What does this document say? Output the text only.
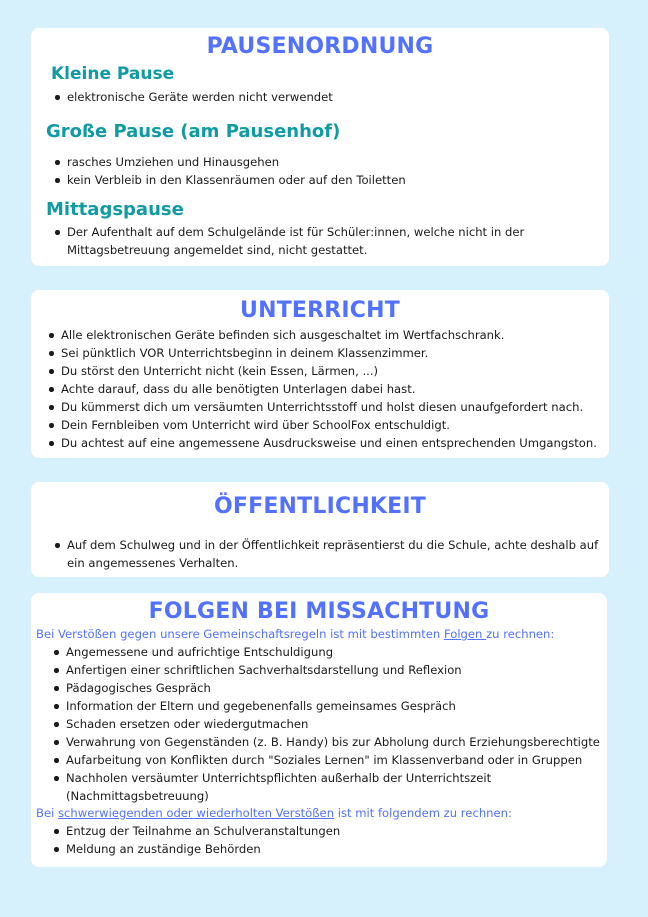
PAUSENORDNUNG
Kleine Pause
elektronische Geräte werden nicht verwendet
Große Pause (am Pausenhof)
rasches Umziehen und Hinausgehen
kein Verbleib in den Klassenräumen oder auf den Toiletten
Mittagspause
Der Aufenthalt auf dem Schulgelände ist für Schüler:innen, welche nicht in der Mittagsbetreuung angemeldet sind, nicht gestattet.
UNTERRICHT
Alle elektronischen Geräte befinden sich ausgeschaltet im Wertfachschrank.
Sei pünktlich VOR Unterrichtsbeginn in deinem Klassenzimmer.
Du störst den Unterricht nicht (kein Essen, Lärmen, ...)
Achte darauf, dass du alle benötigten Unterlagen dabei hast.
Du kümmerst dich um versäumten Unterrichtsstoff und holst diesen unaufgefordert nach.
Dein Fernbleiben vom Unterricht wird über SchoolFox entschuldigt.
Du achtest auf eine angemessene Ausdrucksweise und einen entsprechenden Umgangston.
ÖFFENTLICHKEIT
Auf dem Schulweg und in der Öffentlichkeit repräsentierst du die Schule, achte deshalb auf ein angemessenes Verhalten.
FOLGEN BEI MISSACHTUNG

Bei Verstößen gegen unsere Gemeinschaftsregeln ist mit bestimmten Folgen zu rechnen:

Angemessene und aufrichtige Entschuldigung
Anfertigen einer schriftlichen Sachverhaltsdarstellung und Reflexion
Pädagogisches Gespräch
Information der Eltern und gegebenenfalls gemeinsames Gespräch
Schaden ersetzen oder wiedergutmachen
Verwahrung von Gegenständen (z. B. Handy) bis zur Abholung durch Erziehungsberechtigte
Aufarbeitung von Konflikten durch "Soziales Lernen" im Klassenverband oder in Gruppen
Nachholen versäumter Unterrichtspflichten außerhalb der Unterrichtszeit (Nachmittagsbetreuung)

Bei schwerwiegenden oder wiederholten Verstößen ist mit folgendem zu rechnen:

Entzug der Teilnahme an Schulveranstaltungen
Meldung an zuständige Behörden
